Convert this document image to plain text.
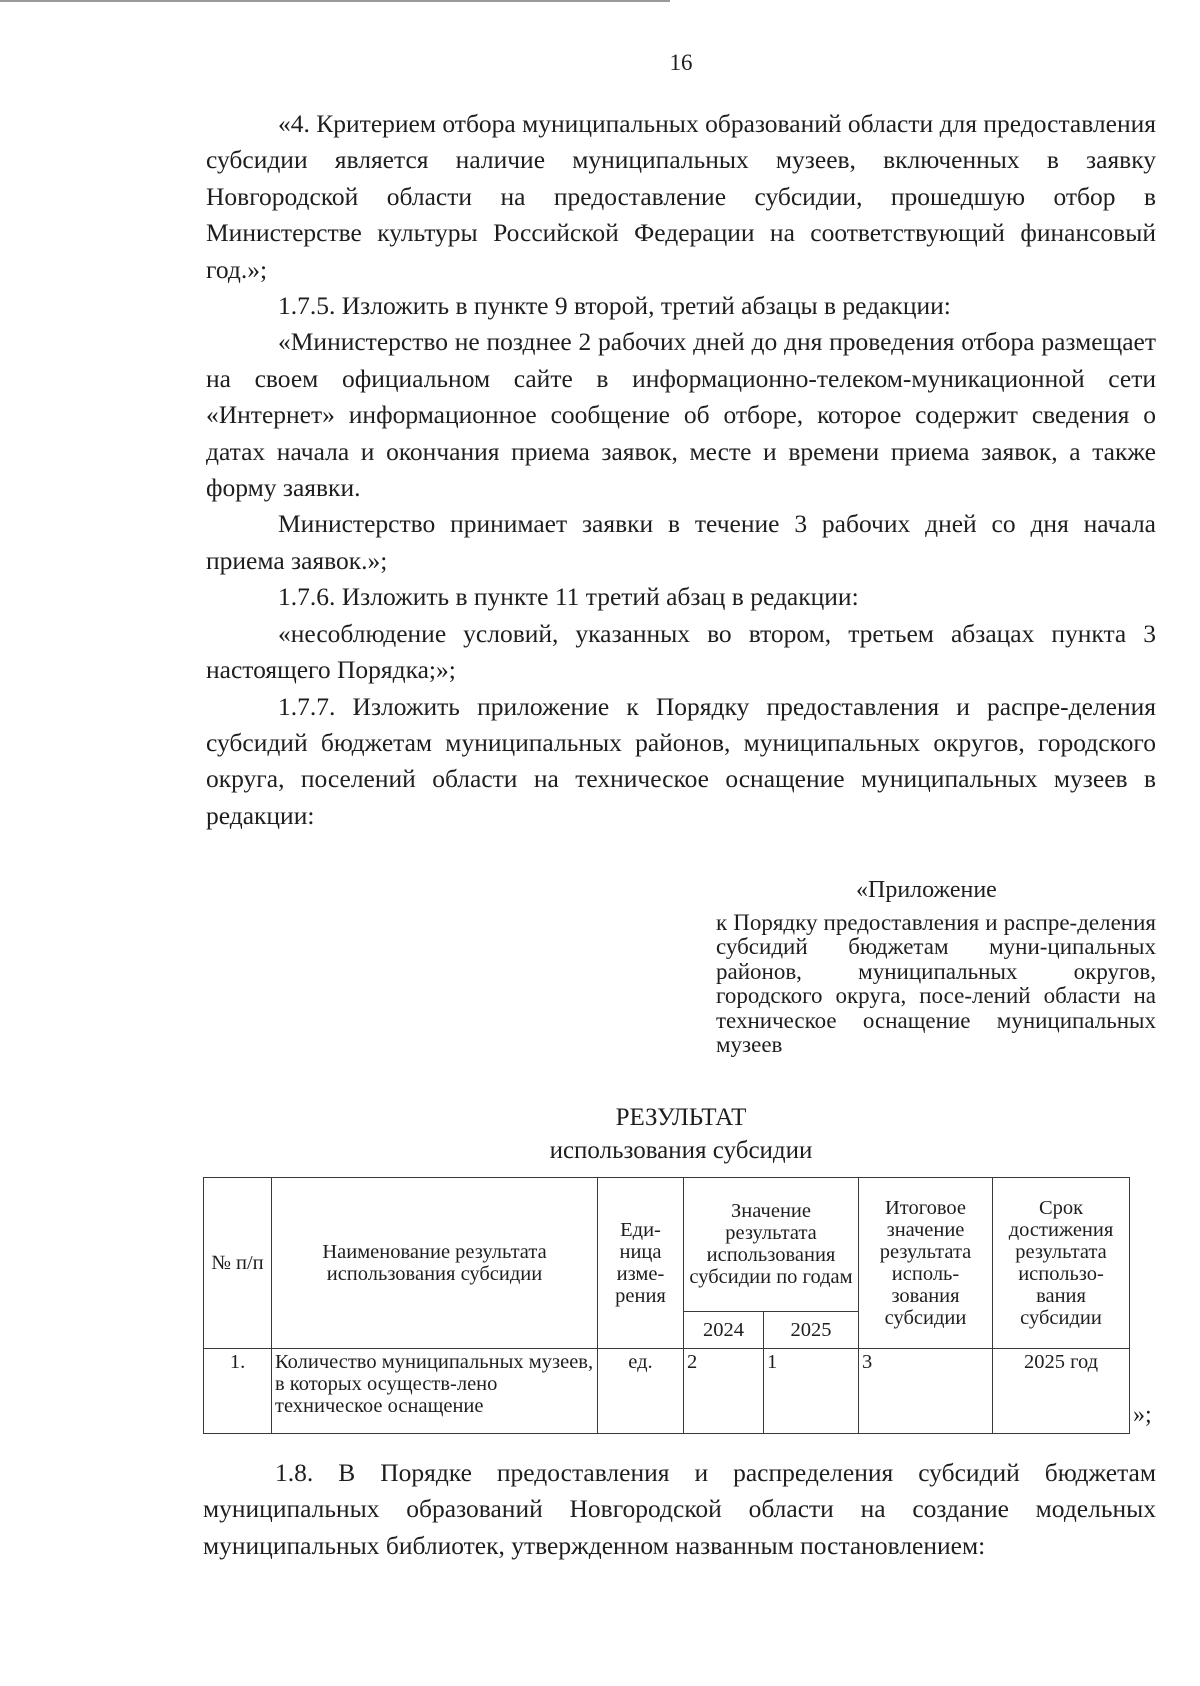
16

«4. Критерием отбора муниципальных образований области для предоставления субсидии является наличие муниципальных музеев, включенных в заявку Новгородской области на предоставление субсидии, прошедшую отбор в Министерстве культуры Российской Федерации на соответствующий финансовый год.»;

1.7.5. Изложить в пункте 9 второй, третий абзацы в редакции:

«Министерство не позднее 2 рабочих дней до дня проведения отбора размещает на своем официальном сайте в информационно-телеком-муникационной сети «Интернет» информационное сообщение об отборе, которое содержит сведения о датах начала и окончания приема заявок, месте и времени приема заявок, а также форму заявки.

Министерство принимает заявки в течение 3 рабочих дней со дня начала приема заявок.»;

1.7.6. Изложить в пункте 11 третий абзац в редакции:

«несоблюдение условий, указанных во втором, третьем абзацах пункта 3 настоящего Порядка;»;

1.7.7. Изложить приложение к Порядку предоставления и распре-деления субсидий бюджетам муниципальных районов, муниципальных округов, городского округа, поселений области на техническое оснащение муниципальных музеев в редакции:

«Приложение
к Порядку предоставления и распре-деления субсидий бюджетам муни-ципальных районов, муниципальных округов, городского округа, посе-лений области на техническое оснащение муниципальных музеев
РЕЗУЛЬТАТ
использования субсидии
№ п/п	Наименование результата использования субсидии	Еди-ница изме-рения	Значение результата использования субсидии по годам		Итоговое значение результата исполь-зования субсидии	Срок достижения результата использо-вания субсидии
			2024	2025		
1.	Количество муниципальных музеев, в которых осуществ-лено техническое оснащение	ед.	2	1	3	2025 год
»;

1.8. В Порядке предоставления и распределения субсидий бюджетам муниципальных образований Новгородской области на создание модельных муниципальных библиотек, утвержденном названным постановлением:
